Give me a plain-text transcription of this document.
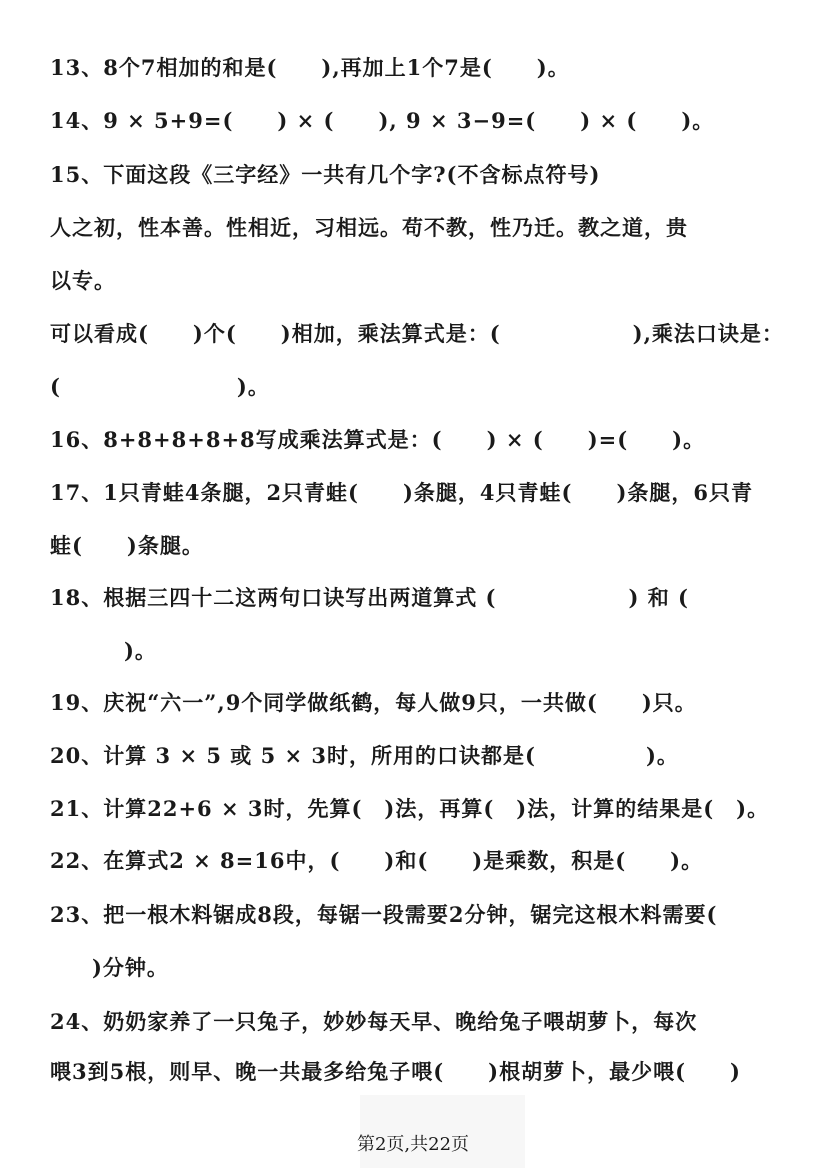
13、8个7相加的和是(　　),再加上1个7是(　　)。
14、9 × 5+9=(　　) × (　　), 9 × 3−9=(　　) × (　　)。
15、下面这段《三字经》一共有几个字?(不含标点符号)
人之初，性本善。性相近，习相远。苟不教，性乃迁。教之道，贵
以专。
可以看成(　　)个(　　)相加，乘法算式是：(　　　　　　),乘法口诀是：
(　　　　　　　　)。
16、8+8+8+8+8写成乘法算式是：(　　) × (　　)=(　　)。
17、1只青蛙4条腿，2只青蛙(　　)条腿，4只青蛙(　　)条腿，6只青
蛙(　　)条腿。
18、根据三四十二这两句口诀写出两道算式 (　　　　　　) 和 (
　　)。
19、庆祝“六一”,9个同学做纸鹤，每人做9只，一共做(　　)只。
20、计算 3 × 5 或 5 × 3时，所用的口诀都是(　　　　　)。
21、计算22+6 × 3时，先算(　)法，再算(　)法，计算的结果是(　)。
22、在算式2 × 8=16中，(　　)和(　　)是乘数，积是(　　)。
23、把一根木料锯成8段，每锯一段需要2分钟，锯完这根木料需要(
　)分钟。
24、奶奶家养了一只兔子，妙妙每天早、晚给兔子喂胡萝卜，每次
喂3到5根，则早、晚一共最多给兔子喂(　　)根胡萝卜，最少喂(　　)
第2页,共22页
